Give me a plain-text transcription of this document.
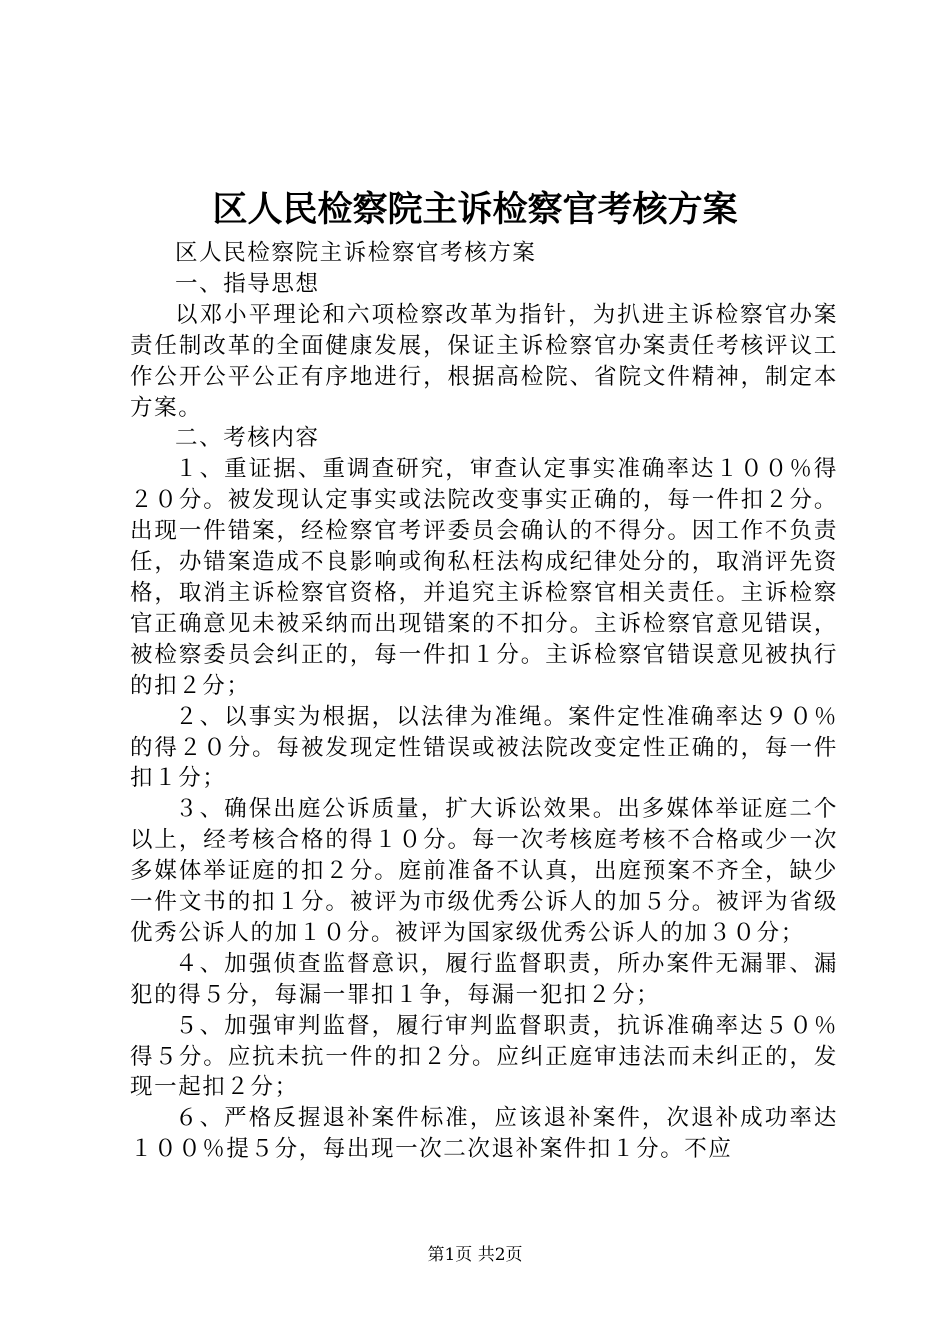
区人民检察院主诉检察官考核方案

区人民检察院主诉检察官考核方案

一、指导思想

以邓小平理论和六项检察改革为指针，为扒进主诉检察官办案责任制改革的全面健康发展，保证主诉检察官办案责任考核评议工作公开公平公正有序地进行，根据高检院、省院文件精神，制定本方案。

二、考核内容

１、重证据、重调查研究，审查认定事实准确率达１００％得２０分。被发现认定事实或法院改变事实正确的，每一件扣２分。出现一件错案，经检察官考评委员会确认的不得分。因工作不负责任，办错案造成不良影响或徇私枉法构成纪律处分的，取消评先资格，取消主诉检察官资格，并追究主诉检察官相关责任。主诉检察官正确意见未被采纳而出现错案的不扣分。主诉检察官意见错误，被检察委员会纠正的，每一件扣１分。主诉检察官错误意见被执行的扣２分；

２、以事实为根据，以法律为准绳。案件定性准确率达９０％的得２０分。每被发现定性错误或被法院改变定性正确的，每一件扣１分；

３、确保出庭公诉质量，扩大诉讼效果。出多媒体举证庭二个以上，经考核合格的得１０分。每一次考核庭考核不合格或少一次多媒体举证庭的扣２分。庭前准备不认真，出庭预案不齐全，缺少一件文书的扣１分。被评为市级优秀公诉人的加５分。被评为省级优秀公诉人的加１０分。被评为国家级优秀公诉人的加３０分；

４、加强侦查监督意识，履行监督职责，所办案件无漏罪、漏犯的得５分，每漏一罪扣１争，每漏一犯扣２分；

５、加强审判监督，履行审判监督职责，抗诉准确率达５０％得５分。应抗未抗一件的扣２分。应纠正庭审违法而未纠正的，发现一起扣２分；

６、严格反握退补案件标准，应该退补案件，次退补成功率达１００％提５分，每出现一次二次退补案件扣１分。不应

第1页 共2页
